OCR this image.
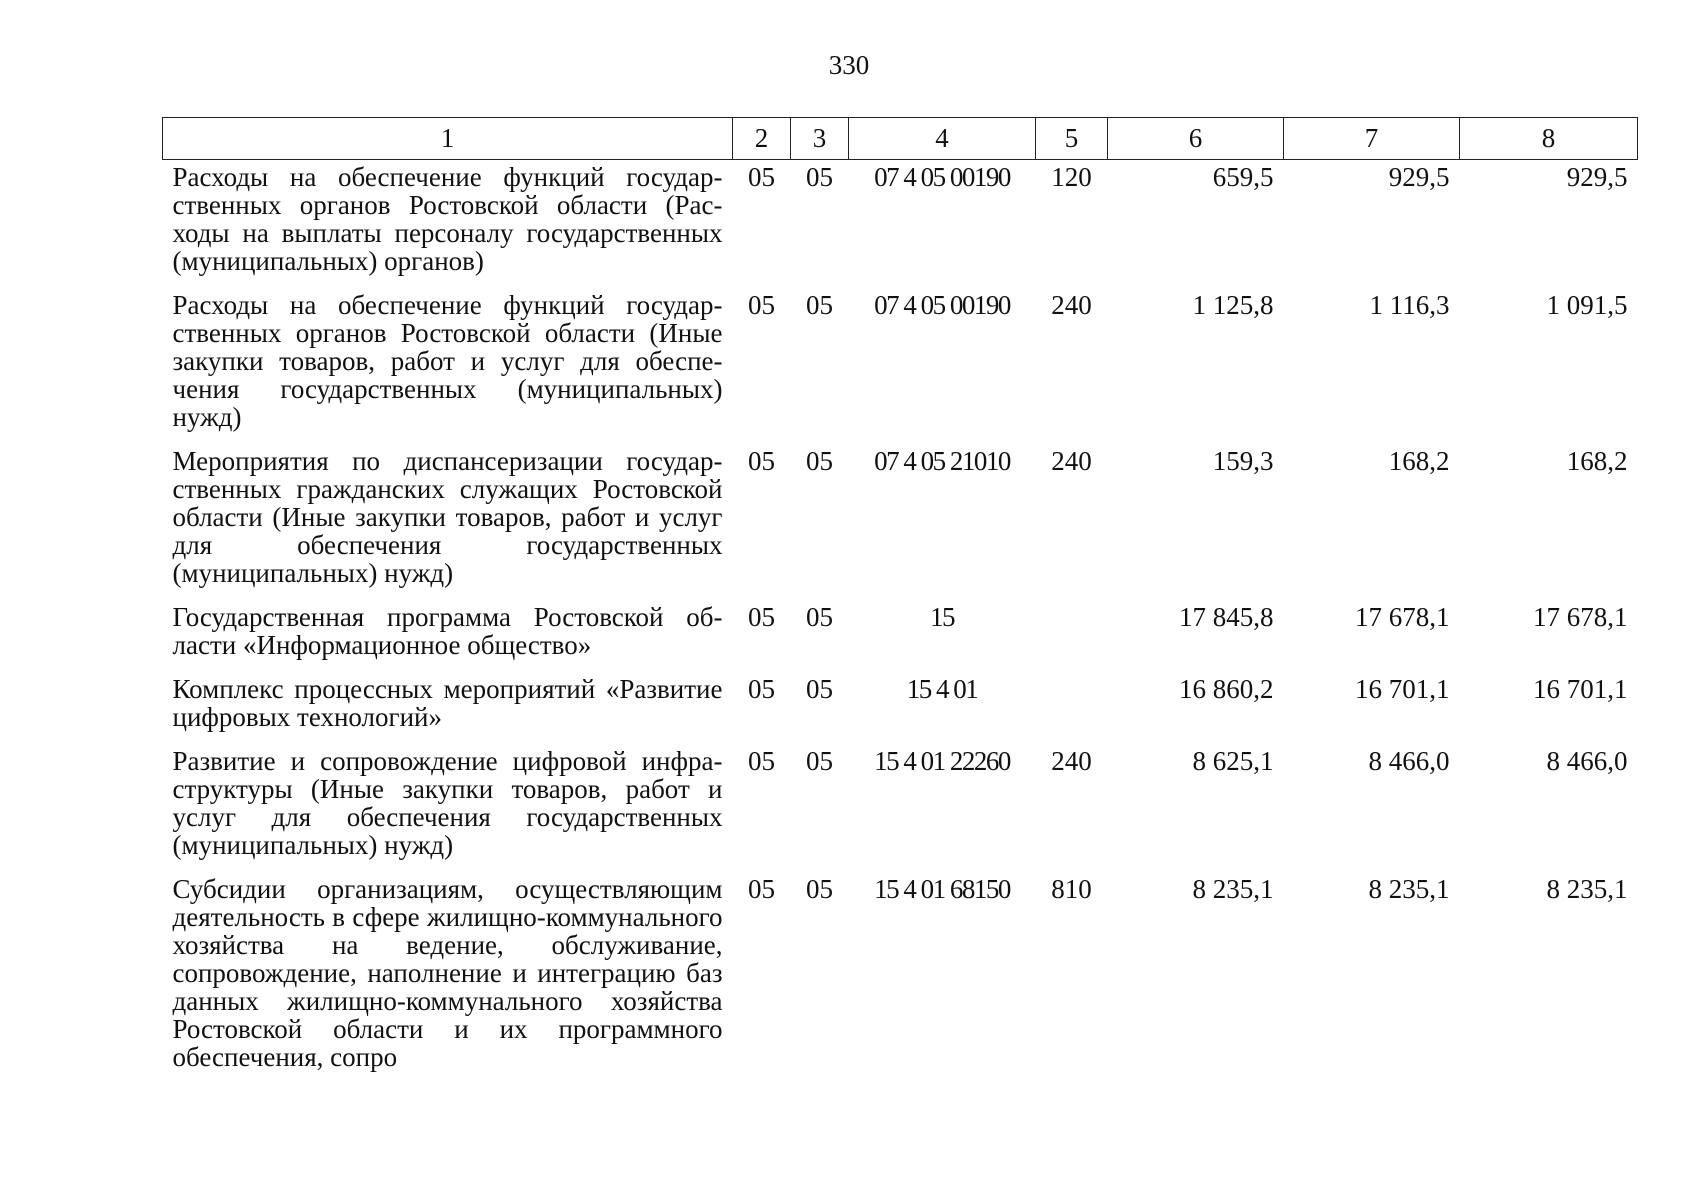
330
1	2	3	4	5	6	7	8
Расходы на обеспечение функций государственных органов Ростовской области (Расходы на выплаты персоналу государственных (муниципальных) органов)	05	05	07 4 05 00190	120	659,5	929,5	929,5
Расходы на обеспечение функций государственных органов Ростовской области (Иные закупки товаров, работ и услуг для обеспечения государственных (муниципальных) нужд)	05	05	07 4 05 00190	240	1 125,8	1 116,3	1 091,5
Мероприятия по диспансеризации государственных гражданских служащих Ростовской области (Иные закупки товаров, работ и услуг для обеспечения государственных (муниципальных) нужд)	05	05	07 4 05 21010	240	159,3	168,2	168,2
Государственная программа Ростовской области «Информационное общество»	05	05	15		17 845,8	17 678,1	17 678,1
Комплекс процессных мероприятий «Развитие цифровых технологий»	05	05	15 4 01		16 860,2	16 701,1	16 701,1
Развитие и сопровождение цифровой инфраструктуры (Иные закупки товаров, работ и услуг для обеспечения государственных (муниципальных) нужд)	05	05	15 4 01 22260	240	8 625,1	8 466,0	8 466,0
Субсидии организациям, осуществляющим деятельность в сфере жилищно-коммунального хозяйства на ведение, обслуживание, сопровождение, наполнение и интеграцию баз данных жилищно-коммунального хозяйства Ростовской области и их программного обеспечения, сопро	05	05	15 4 01 68150	810	8 235,1	8 235,1	8 235,1
